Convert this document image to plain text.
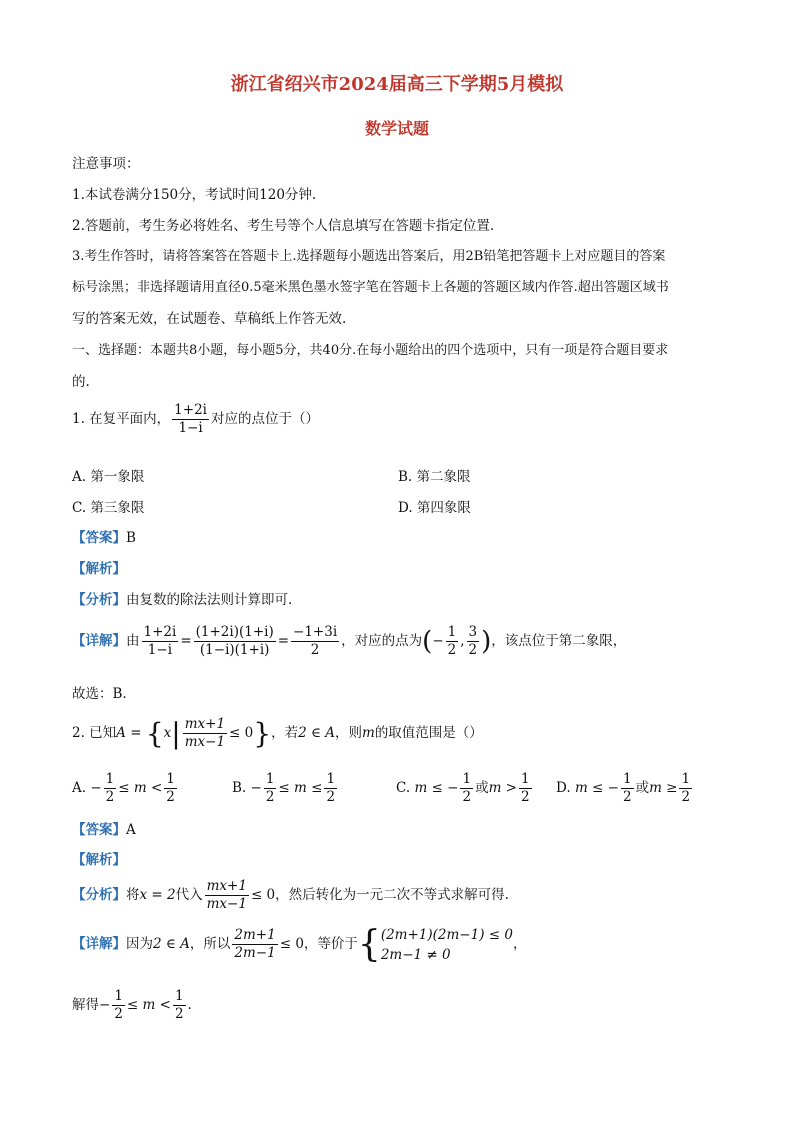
浙江省绍兴市2024届高三下学期5月模拟
数学试题
注意事项：
1.本试卷满分150分，考试时间120分钟.
2.答题前，考生务必将姓名、考生号等个人信息填写在答题卡指定位置.
3.考生作答时，请将答案答在答题卡上.选择题每小题选出答案后，用2B铅笔把答题卡上对应题目的答案
标号涂黑；非选择题请用直径0.5毫米黑色墨水签字笔在答题卡上各题的答题区域内作答.超出答题区域书
写的答案无效，在试题卷、草稿纸上作答无效.
一、选择题：本题共8小题，每小题5分，共40分.在每小题给出的四个选项中，只有一项是符合题目要求
的.
1. 在复平面内， $\frac{1+2i}{1-i}$ 对应的点位于（）
A. 第一象限	B. 第二象限
C. 第三象限	D. 第四象限
【答案】B
【解析】
【分析】由复数的除法法则计算即可.
【详解】由 $\frac{1+2i}{1-i} = \frac{(1+2i)(1+i)}{(1-i)(1+i)} = \frac{-1+3i}{2}$ ，对应的点为(− $\frac{1}{2}$ , $\frac{3}{2}$ )，该点位于第二象限，
故选：B.
2. 已知$A = \{x| \frac{mx+1}{mx-1} \le 0\}$，若2 ∈ A，则m的取值范围是（）
A. − $\frac{1}{2} \le m < \frac{1}{2}$	B. − $\frac{1}{2} \le m \le \frac{1}{2}$	C. m ≤ − $\frac{1}{2}$ 或$m > \frac{1}{2} D$. m ≤ − $\frac{1}{2}$ 或$m \ge \frac{1}{2}$
【答案】A
【解析】
【分析】将x = 2代入 $\frac{mx+1}{mx-1} \le 0$，然后转化为一元二次不等式求解可得.
【详解】因为2 ∈ A，所以 $\frac{2m+1}{2m-1} \le 0$，等价于{ (2m+1)(2m−1) ≤ 0
2m−1 ≠ 0
，
解得− $\frac{1}{2} \le m < \frac{1}{2}$ .
